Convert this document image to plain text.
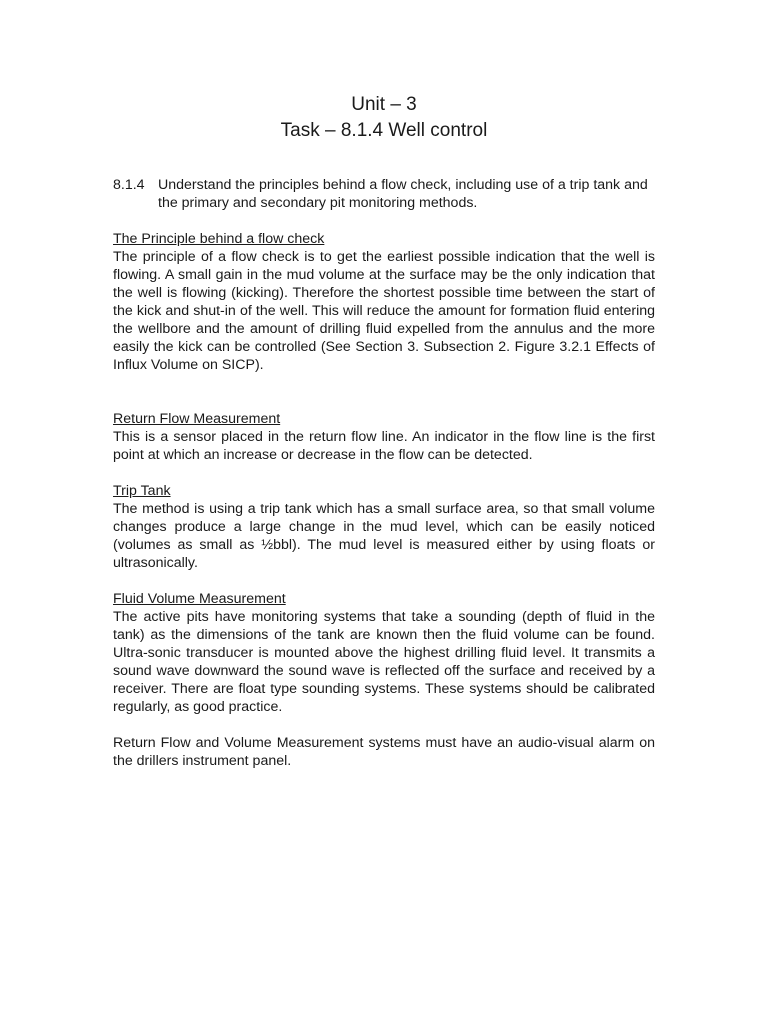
Unit – 3
Task – 8.1.4 Well control
8.1.4 Understand the principles behind a flow check, including use of a trip tank and the primary and secondary pit monitoring methods.
The Principle behind a flow check

The principle of a flow check is to get the earliest possible indication that the well is flowing. A small gain in the mud volume at the surface may be the only indication that the well is flowing (kicking). Therefore the shortest possible time between the start of the kick and shut-in of the well. This will reduce the amount for formation fluid entering the wellbore and the amount of drilling fluid expelled from the annulus and the more easily the kick can be controlled (See Section 3. Subsection 2. Figure 3.2.1 Effects of Influx Volume on SICP).

Return Flow Measurement

This is a sensor placed in the return flow line. An indicator in the flow line is the first point at which an increase or decrease in the flow can be detected.

Trip Tank

The method is using a trip tank which has a small surface area, so that small volume changes produce a large change in the mud level, which can be easily noticed (volumes as small as ½bbl). The mud level is measured either by using floats or ultrasonically.

Fluid Volume Measurement

The active pits have monitoring systems that take a sounding (depth of fluid in the tank) as the dimensions of the tank are known then the fluid volume can be found. Ultra-sonic transducer is mounted above the highest drilling fluid level. It transmits a sound wave downward the sound wave is reflected off the surface and received by a receiver. There are float type sounding systems. These systems should be calibrated regularly, as good practice.

Return Flow and Volume Measurement systems must have an audio-visual alarm on the drillers instrument panel.
